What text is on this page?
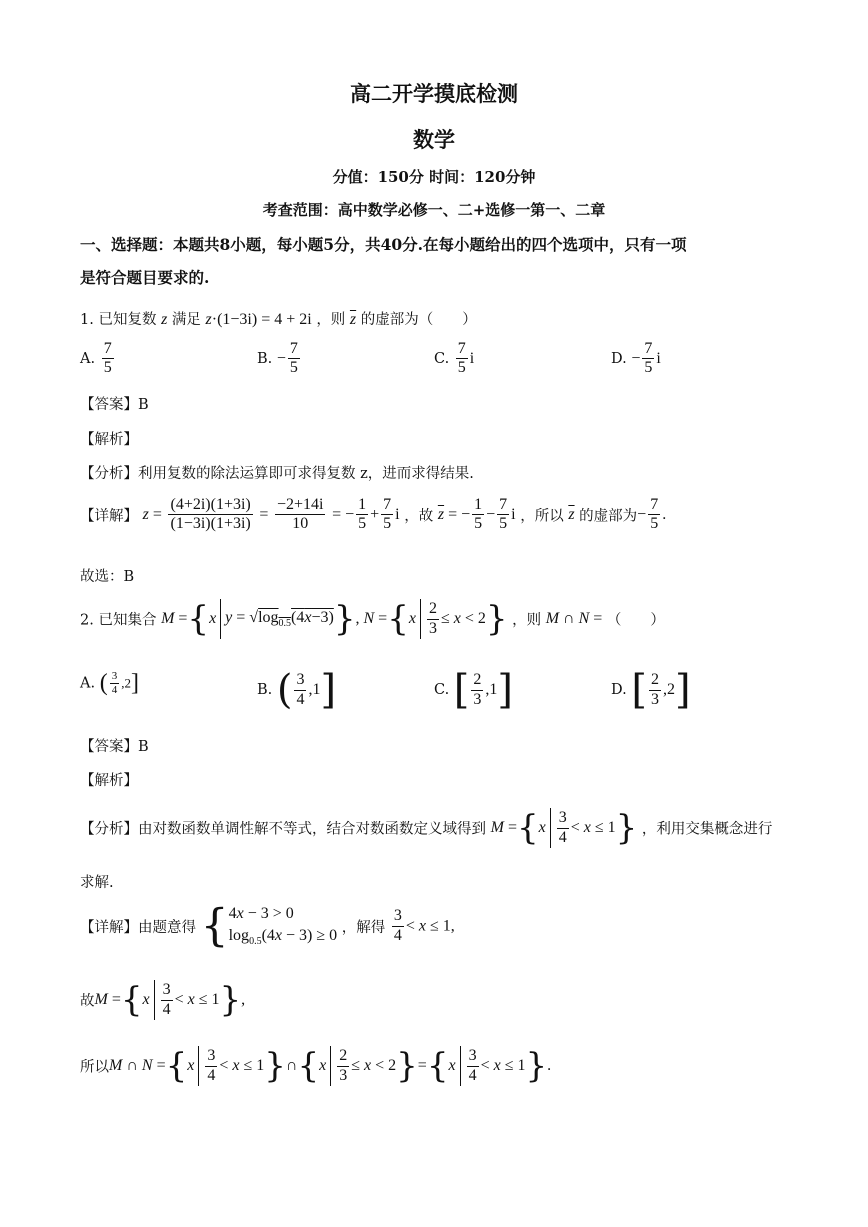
高二开学摸底检测
数学
分值：150分 时间：120分钟
考查范围：高中数学必修一、二+选修一第一、二章
一、选择题：本题共8小题，每小题5分，共40分.在每小题给出的四个选项中，只有一项
是符合题目要求的.
1. 已知复数 z 满足 z·(1−3i) = 4 + 2i ，则 $\overline{z}$ 的虚部为（　　）
A. $\frac{7}{5}$	B. − $\frac{7}{5}$	C. $\frac{7}{5}$ i	D. − $\frac{7}{5}$ i
【答案】B
【解析】
【分析】利用复数的除法运算即可求得复数 z，进而求得结果.
【详解】 $z = \frac{(4+2i)(1+3i)}{(1-3i)(1+3i)} = \frac{-2+14i}{10}$ = − $\frac{1}{5} + \frac{7}{5}$ i ，故 $\overline{z}$ = − $\frac{1}{5} - \frac{7}{5}$ i ，所以 $\overline{z}$ 的虚部为− $\frac{7}{5}$ .
故选：B
2. 已知集合 M ={x $y = √\log_{0.5}(4x-3)$}, $N =\{x \frac{2}{3} \le x < 2\}$ ，则 M ∩ N = （　　）
A. ( $\frac{3}{4} ,2$]	B. ( $\frac{3}{4} ,1$]	C. [ $\frac{2}{3} ,1$]	D. [ $\frac{2}{3} ,2$]
【答案】B
【解析】
【分析】由对数函数单调性解不等式，结合对数函数定义域得到 $M =\{x \frac{3}{4} < x \le 1\}$ ，利用交集概念进行
求解.
【详解】由题意得 { 4x − 3 > 0
$\log_{0.5}(4x - 3) \ge 0$ ，解得 $\frac{3}{4} < x \le 1$,
故$M =\{x \frac{3}{4} < x \le 1\}$,
所以M ∩ $N =\{x \frac{3}{4} < x$ ≤ 1}∩{x $\frac{2}{3} \le x < 2\}=\{x \frac{3}{4} < x \le 1\}$.
